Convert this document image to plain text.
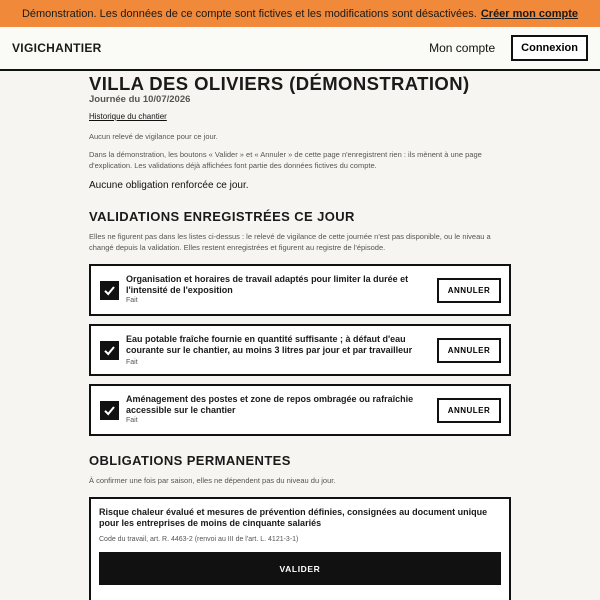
Démonstration. Les données de ce compte sont fictives et les modifications sont désactivées. Créer mon compte
VIGICHANTIER	Mon compte	Connexion
VILLA DES OLIVIERS (DÉMONSTRATION)
Journée du 10/07/2026
Historique du chantier
Aucun relevé de vigilance pour ce jour.
Dans la démonstration, les boutons « Valider » et « Annuler » de cette page n'enregistrent rien : ils mènent à une page d'explication. Les validations déjà affichées font partie des données fictives du compte.
Aucune obligation renforcée ce jour.
VALIDATIONS ENREGISTRÉES CE JOUR
Elles ne figurent pas dans les listes ci-dessus : le relevé de vigilance de cette journée n'est pas disponible, ou le niveau a changé depuis la validation. Elles restent enregistrées et figurent au registre de l'épisode.
Organisation et horaires de travail adaptés pour limiter la durée et l'intensité de l'exposition
Fait
ANNULER
Eau potable fraîche fournie en quantité suffisante ; à défaut d'eau courante sur le chantier, au moins 3 litres par jour et par travailleur
Fait
ANNULER
Aménagement des postes et zone de repos ombragée ou rafraîchie accessible sur le chantier
Fait
ANNULER
OBLIGATIONS PERMANENTES
À confirmer une fois par saison, elles ne dépendent pas du niveau du jour.
Risque chaleur évalué et mesures de prévention définies, consignées au document unique pour les entreprises de moins de cinquante salariés
Code du travail, art. R. 4463-2 (renvoi au III de l'art. L. 4121-3-1)
VALIDER
